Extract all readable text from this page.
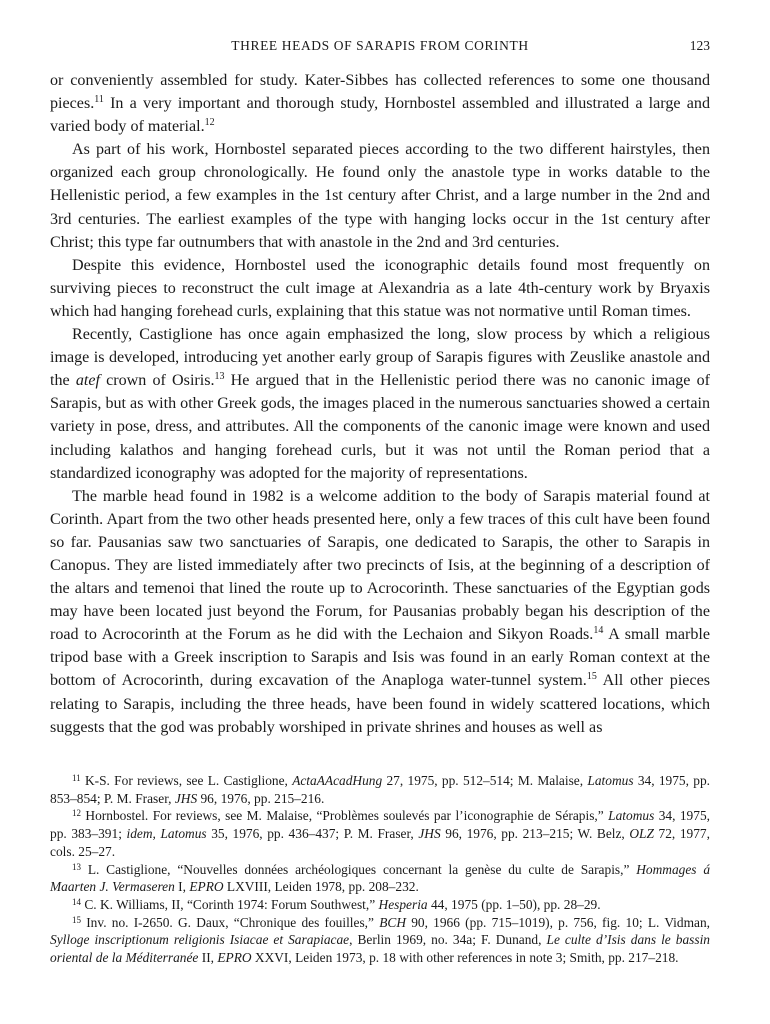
THREE HEADS OF SARAPIS FROM CORINTH	123

or conveniently assembled for study. Kater-Sibbes has collected references to some one thousand pieces.$^{11}$ In a very important and thorough study, Hornbostel assembled and illustrated a large and varied body of material.$^{12}$

As part of his work, Hornbostel separated pieces according to the two different hairstyles, then organized each group chronologically. He found only the anastole type in works datable to the Hellenistic period, a few examples in the 1st century after Christ, and a large number in the 2nd and 3rd centuries. The earliest examples of the type with hanging locks occur in the 1st century after Christ; this type far outnumbers that with anastole in the 2nd and 3rd centuries.

Despite this evidence, Hornbostel used the iconographic details found most frequently on surviving pieces to reconstruct the cult image at Alexandria as a late 4th-century work by Bryaxis which had hanging forehead curls, explaining that this statue was not normative until Roman times.

Recently, Castiglione has once again emphasized the long, slow process by which a religious image is developed, introducing yet another early group of Sarapis figures with Zeuslike anastole and the atef crown of Osiris.$^{13}$ He argued that in the Hellenistic period there was no canonic image of Sarapis, but as with other Greek gods, the images placed in the numerous sanctuaries showed a certain variety in pose, dress, and attributes. All the components of the canonic image were known and used including kalathos and hanging forehead curls, but it was not until the Roman period that a standardized iconography was adopted for the majority of representations.

The marble head found in 1982 is a welcome addition to the body of Sarapis material found at Corinth. Apart from the two other heads presented here, only a few traces of this cult have been found so far. Pausanias saw two sanctuaries of Sarapis, one dedicated to Sarapis, the other to Sarapis in Canopus. They are listed immediately after two precincts of Isis, at the beginning of a description of the altars and temenoi that lined the route up to Acrocorinth. These sanctuaries of the Egyptian gods may have been located just beyond the Forum, for Pausanias probably began his description of the road to Acrocorinth at the Forum as he did with the Lechaion and Sikyon Roads.$^{14}$ A small marble tripod base with a Greek inscription to Sarapis and Isis was found in an early Roman context at the bottom of Acrocorinth, during excavation of the Anaploga water-tunnel system.$^{15}$ All other pieces relating to Sarapis, including the three heads, have been found in widely scattered locations, which suggests that the god was probably worshiped in private shrines and houses as well as

$^{11}$ K-S. For reviews, see L. Castiglione, ActaAAcadHung 27, 1975, pp. 512–514; M. Malaise, Latomus 34, 1975, pp. 853–854; P. M. Fraser, JHS 96, 1976, pp. 215–216.

$^{12}$ Hornbostel. For reviews, see M. Malaise, “Problèmes soulevés par l’iconographie de Sérapis,” Latomus 34, 1975, pp. 383–391; idem, Latomus 35, 1976, pp. 436–437; P. M. Fraser, JHS 96, 1976, pp. 213–215; W. Belz, OLZ 72, 1977, cols. 25–27.

$^{13}$ L. Castiglione, “Nouvelles données archéologiques concernant la genèse du culte de Sarapis,” Hommages á Maarten J. Vermaseren I, EPRO LXVIII, Leiden 1978, pp. 208–232.

$^{14}$ C. K. Williams, II, “Corinth 1974: Forum Southwest,” Hesperia 44, 1975 (pp. 1–50), pp. 28–29.

$^{15}$ Inv. no. I-2650. G. Daux, “Chronique des fouilles,” BCH 90, 1966 (pp. 715–1019), p. 756, fig. 10; L. Vidman, Sylloge inscriptionum religionis Isiacae et Sarapiacae, Berlin 1969, no. 34a; F. Dunand, Le culte d’Isis dans le bassin oriental de la Méditerranée II, EPRO XXVI, Leiden 1973, p. 18 with other references in note 3; Smith, pp. 217–218.
